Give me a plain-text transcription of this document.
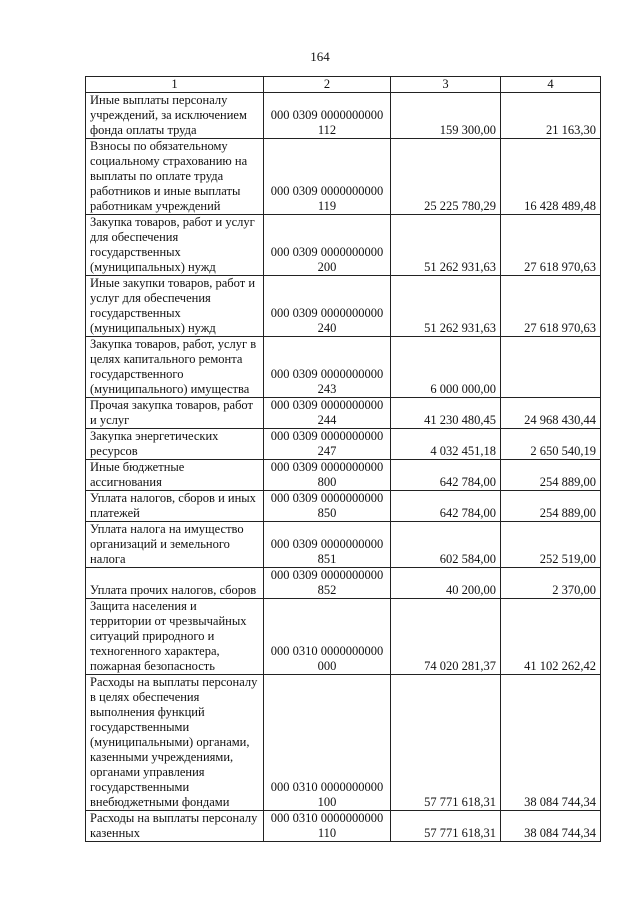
164
1	2	3	4
Иные выплаты персоналу учреждений, за исключением фонда оплаты труда	000 0309 0000000000 112	159 300,00	21 163,30
Взносы по обязательному социальному страхованию на выплаты по оплате труда работников и иные выплаты работникам учреждений	000 0309 0000000000 119	25 225 780,29	16 428 489,48
Закупка товаров, работ и услуг для обеспечения государственных (муниципальных) нужд	000 0309 0000000000 200	51 262 931,63	27 618 970,63
Иные закупки товаров, работ и услуг для обеспечения государственных (муниципальных) нужд	000 0309 0000000000 240	51 262 931,63	27 618 970,63
Закупка товаров, работ, услуг в целях капитального ремонта государственного (муниципального) имущества	000 0309 0000000000 243	6 000 000,00	
Прочая закупка товаров, работ и услуг	000 0309 0000000000 244	41 230 480,45	24 968 430,44
Закупка энергетических ресурсов	000 0309 0000000000 247	4 032 451,18	2 650 540,19
Иные бюджетные ассигнования	000 0309 0000000000 800	642 784,00	254 889,00
Уплата налогов, сборов и иных платежей	000 0309 0000000000 850	642 784,00	254 889,00
Уплата налога на имущество организаций и земельного налога	000 0309 0000000000 851	602 584,00	252 519,00
Уплата прочих налогов, сборов	000 0309 0000000000 852	40 200,00	2 370,00
Защита населения и территории от чрезвычайных ситуаций природного и техногенного характера, пожарная безопасность	000 0310 0000000000 000	74 020 281,37	41 102 262,42
Расходы на выплаты персоналу в целях обеспечения выполнения функций государственными (муниципальными) органами, казенными учреждениями, органами управления государственными внебюджетными фондами	000 0310 0000000000 100	57 771 618,31	38 084 744,34
Расходы на выплаты персоналу казенных	000 0310 0000000000 110	57 771 618,31	38 084 744,34
